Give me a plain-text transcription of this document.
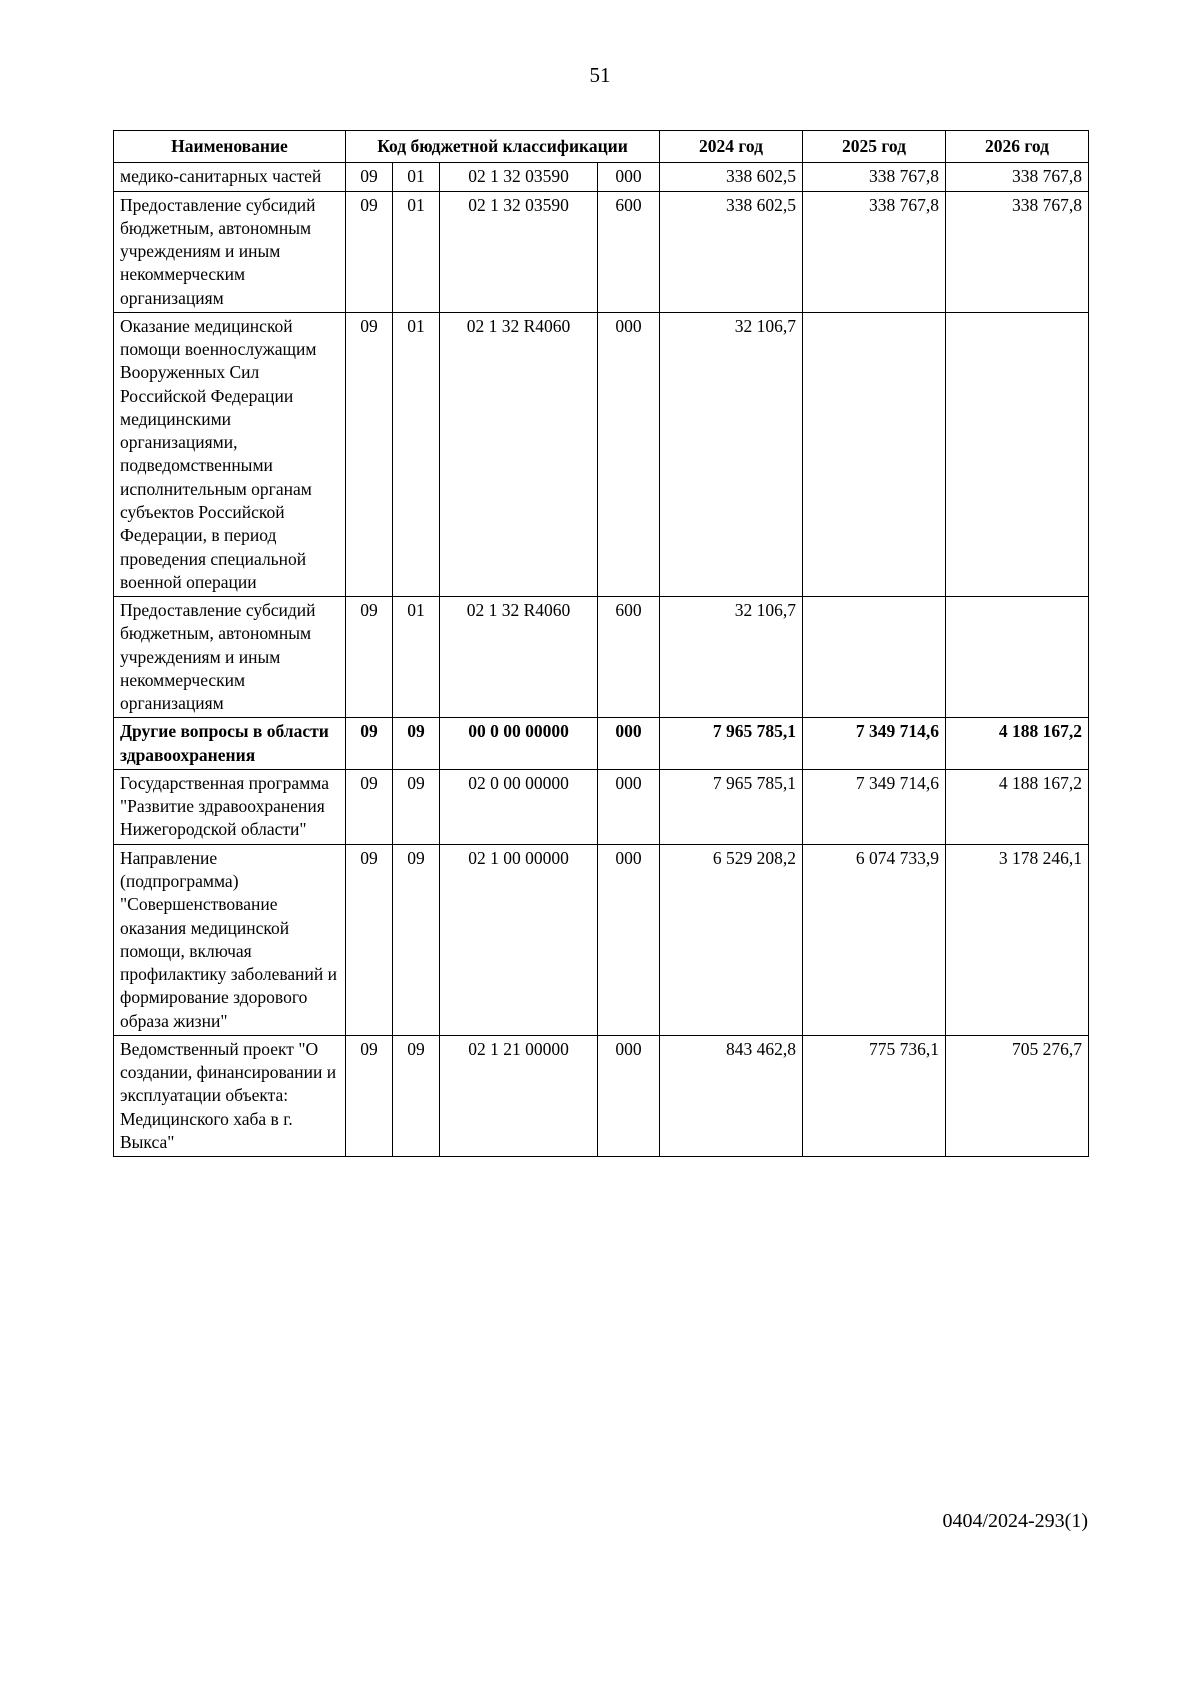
51
Наименование	Код бюджетной классификации				2024 год	2025 год	2026 год
медико-санитарных частей	09	01	02 1 32 03590	000	338 602,5	338 767,8	338 767,8
Предоставление субсидий бюджетным, автономным учреждениям и иным некоммерческим организациям	09	01	02 1 32 03590	600	338 602,5	338 767,8	338 767,8
Оказание медицинской помощи военнослужащим Вооруженных Сил Российской Федерации медицинскими организациями, подведомственными исполнительным органам субъектов Российской Федерации, в период проведения специальной военной операции	09	01	02 1 32 R4060	000	32 106,7		
Предоставление субсидий бюджетным, автономным учреждениям и иным некоммерческим организациям	09	01	02 1 32 R4060	600	32 106,7		
Другие вопросы в области здравоохранения	09	09	00 0 00 00000	000	7 965 785,1	7 349 714,6	4 188 167,2
Государственная программа "Развитие здравоохранения Нижегородской области"	09	09	02 0 00 00000	000	7 965 785,1	7 349 714,6	4 188 167,2
Направление (подпрограмма) "Совершенствование оказания медицинской помощи, включая профилактику заболеваний и формирование здорового образа жизни"	09	09	02 1 00 00000	000	6 529 208,2	6 074 733,9	3 178 246,1
Ведомственный проект "О создании, финансировании и эксплуатации объекта: Медицинского хаба в г. Выкса"	09	09	02 1 21 00000	000	843 462,8	775 736,1	705 276,7
0404/2024-293(1)
